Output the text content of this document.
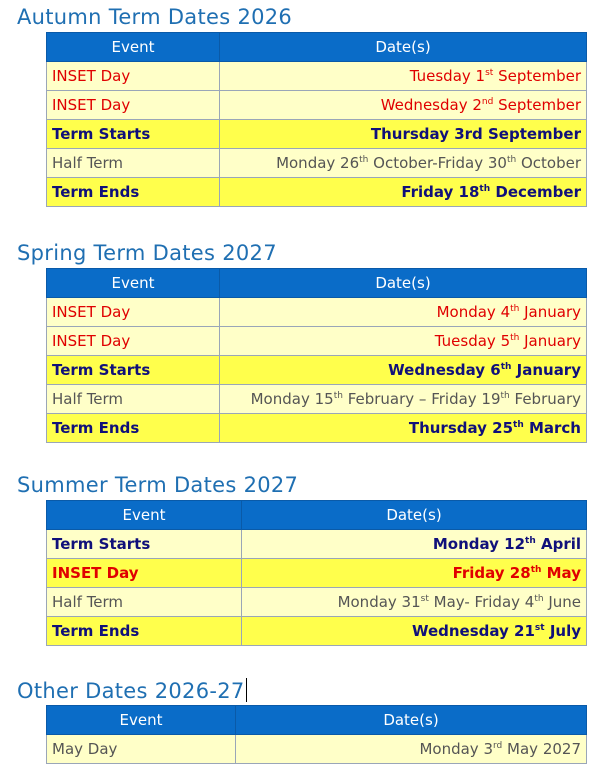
Autumn Term Dates 2026
Event	Date(s)
INSET Day	Tuesday 1st September
INSET Day	Wednesday 2nd September
Term Starts	Thursday 3rd September
Half Term	Monday 26th October-Friday 30th October
Term Ends	Friday 18th December
Spring Term Dates 2027
Event	Date(s)
INSET Day	Monday 4th January
INSET Day	Tuesday 5th January
Term Starts	Wednesday 6th January
Half Term	Monday 15th February – Friday 19th February
Term Ends	Thursday 25th March
Summer Term Dates 2027
Event	Date(s)
Term Starts	Monday 12th April
INSET Day	Friday 28th May
Half Term	Monday 31st May- Friday 4th June
Term Ends	Wednesday 21st July
Other Dates 2026-27
Event	Date(s)
May Day	Monday 3rd May 2027
